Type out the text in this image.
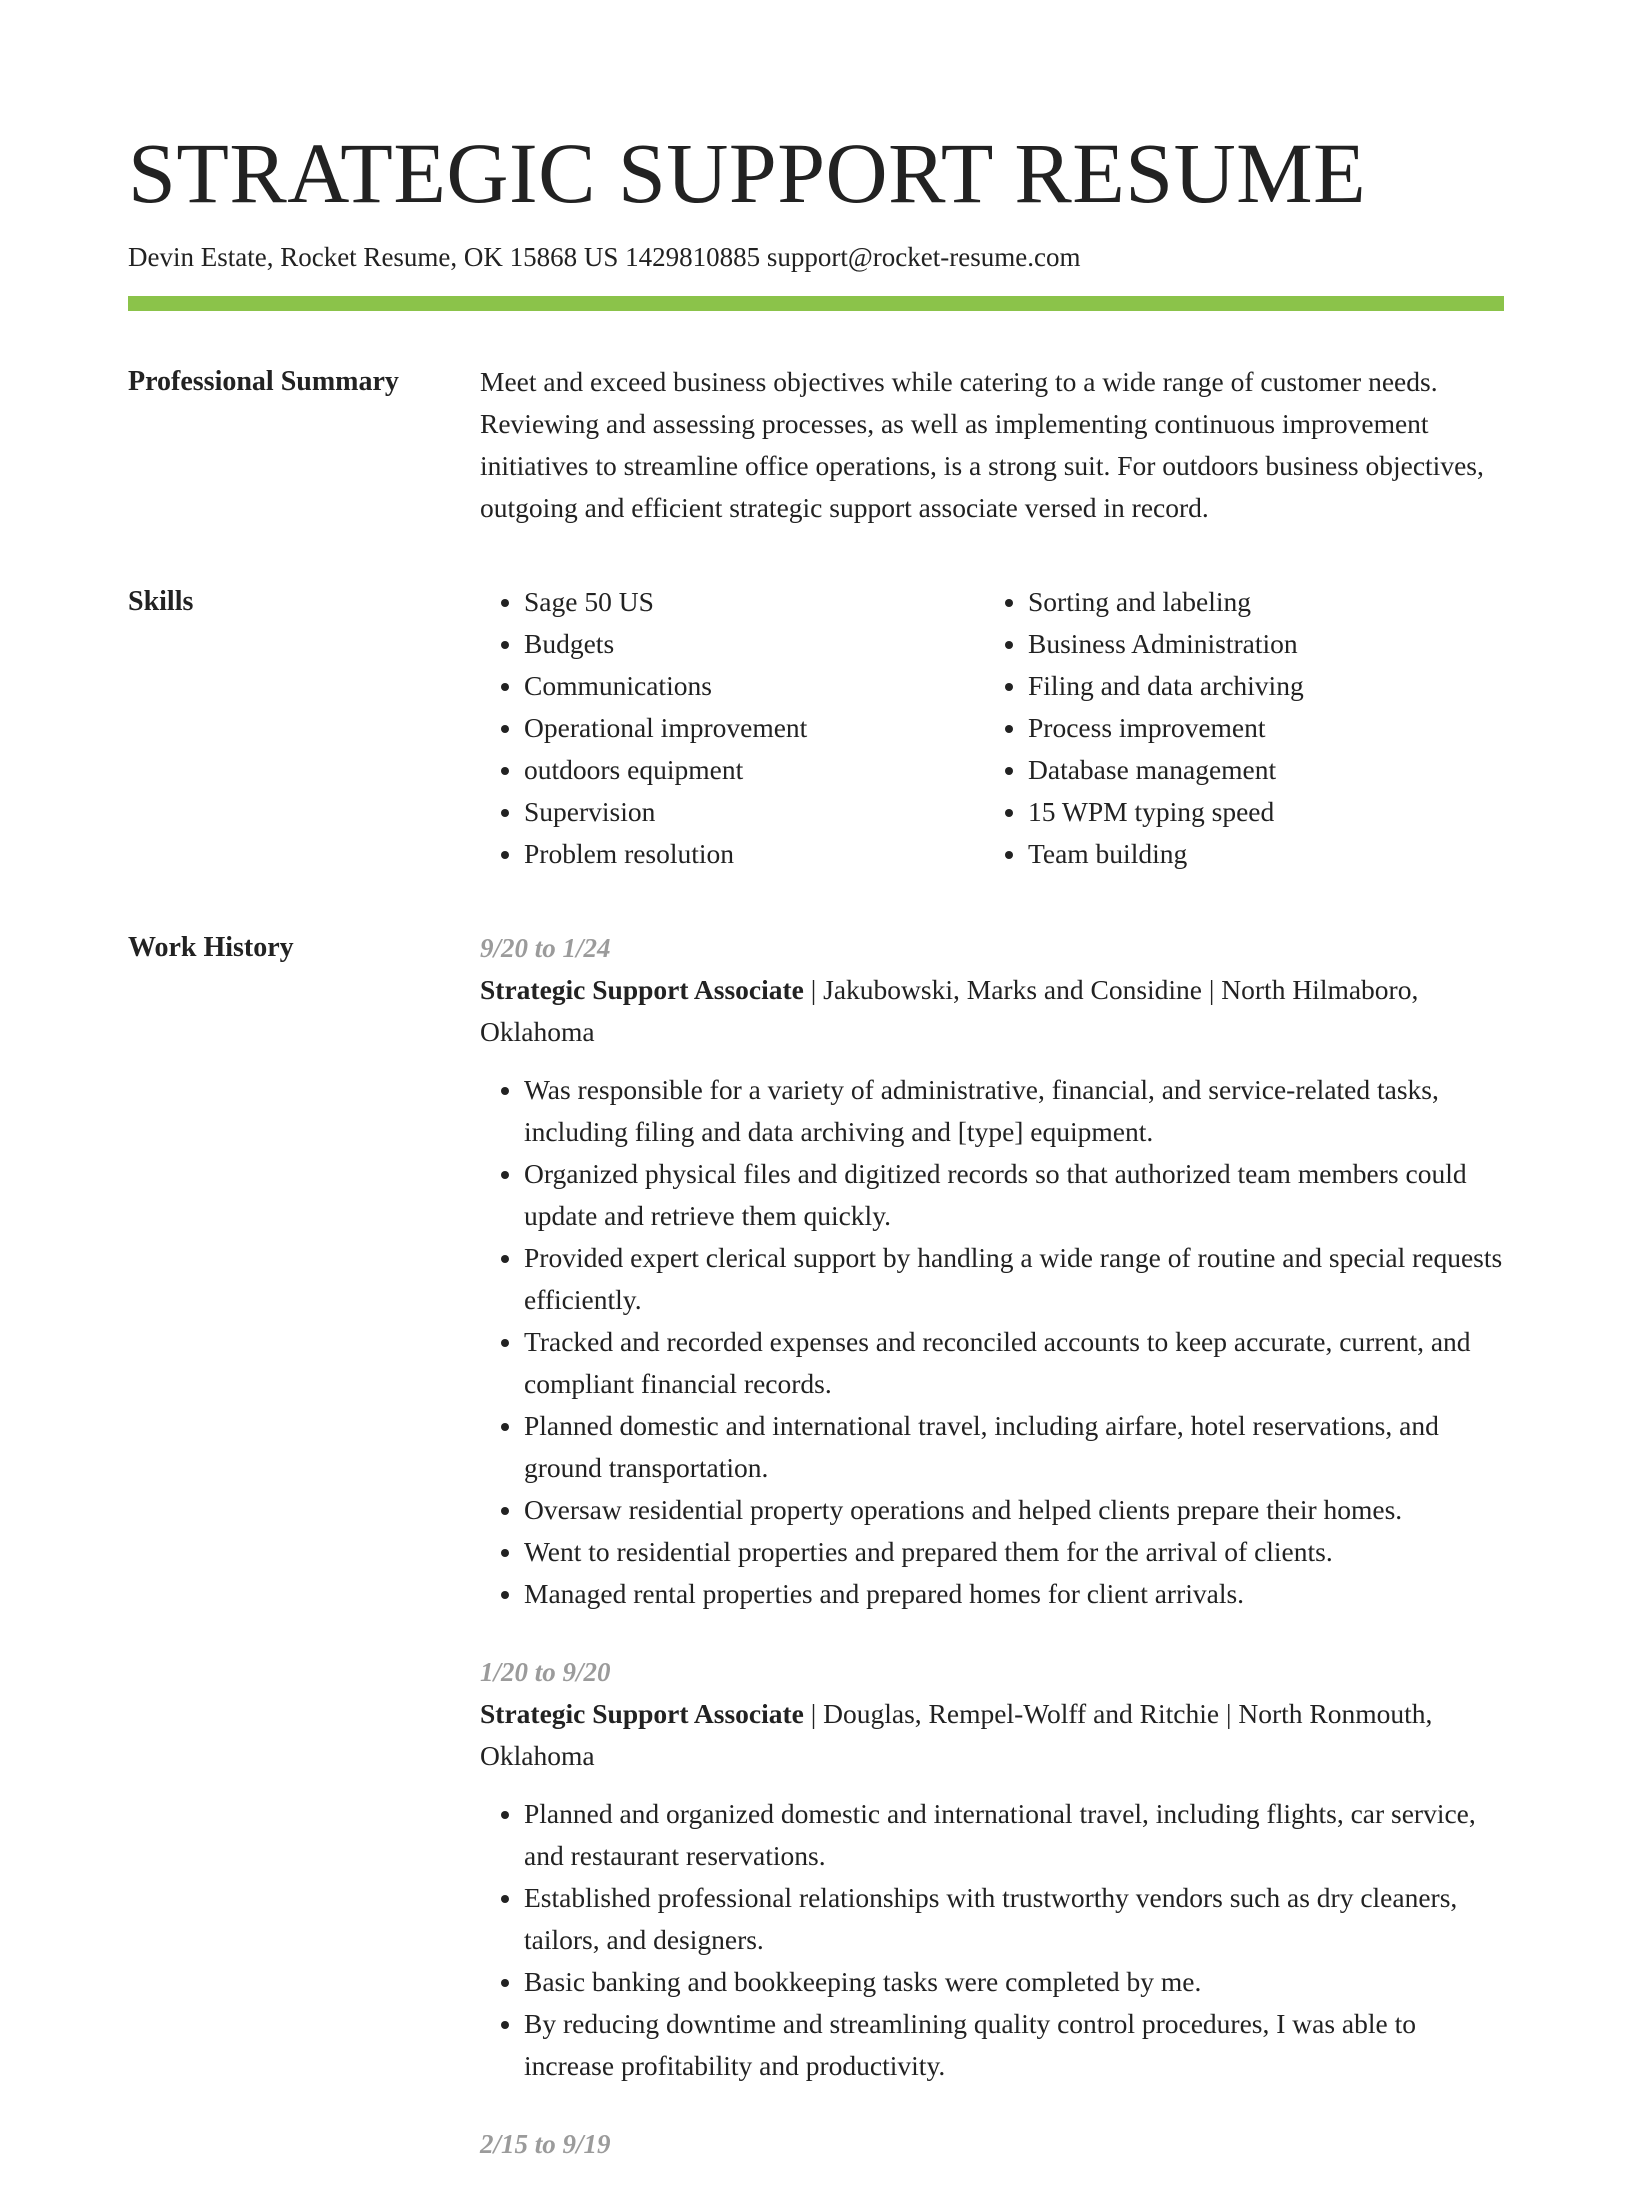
STRATEGIC SUPPORT RESUME
Devin Estate, Rocket Resume, OK 15868 US 1429810885 support@rocket-resume.com
Professional Summary	Meet and exceed business objectives while catering to a wide range of customer needs. Reviewing and assessing processes, as well as implementing continuous improvement initiatives to streamline office operations, is a strong suit. For outdoors business objectives, outgoing and efficient strategic support associate versed in record.

Skills
•	Sage 50 US
• Budgets
• Communications
• Operational improvement
• outdoors equipment
• Supervision
• Problem resolution
• Sorting and labeling
• Business Administration
• Filing and data archiving
• Process improvement
• Database management
• 15 WPM typing speed
• Team building
Work History	9/20 to 1/24

Strategic Support Associate | Jakubowski, Marks and Considine | North Hilmaboro, Oklahoma

• Was responsible for a variety of administrative, financial, and service-related tasks, including filing and data archiving and [type] equipment.
• Organized physical files and digitized records so that authorized team members could update and retrieve them quickly.
• Provided expert clerical support by handling a wide range of routine and special requests efficiently.
• Tracked and recorded expenses and reconciled accounts to keep accurate, current, and compliant financial records.
• Planned domestic and international travel, including airfare, hotel reservations, and ground transportation.
• Oversaw residential property operations and helped clients prepare their homes.
• Went to residential properties and prepared them for the arrival of clients.
• Managed rental properties and prepared homes for client arrivals.
1/20 to 9/20

Strategic Support Associate | Douglas, Rempel-Wolff and Ritchie | North Ronmouth, Oklahoma

• Planned and organized domestic and international travel, including flights, car service, and restaurant reservations.
• Established professional relationships with trustworthy vendors such as dry cleaners, tailors, and designers.
• Basic banking and bookkeeping tasks were completed by me.
• By reducing downtime and streamlining quality control procedures, I was able to increase profitability and productivity.
2/15 to 9/19
